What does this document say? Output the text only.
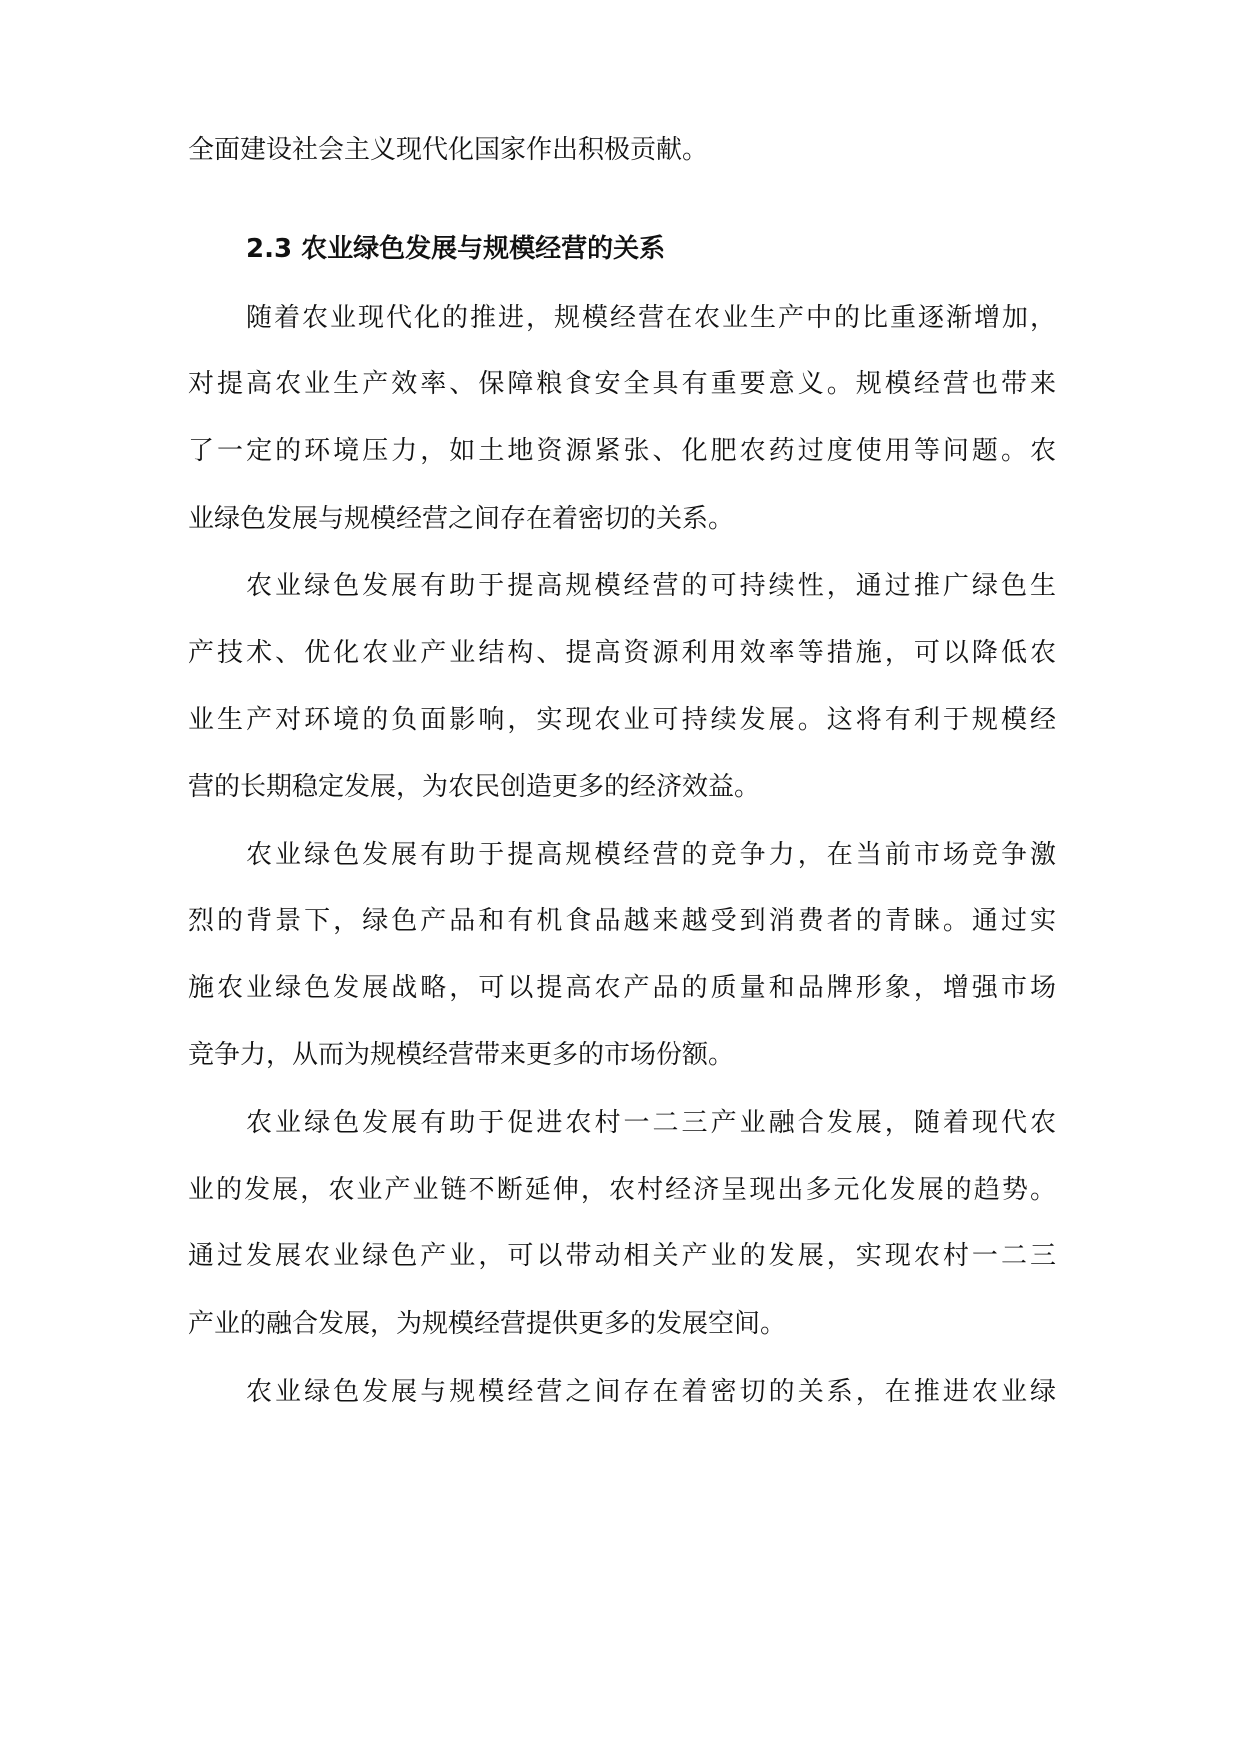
全面建设社会主义现代化国家作出积极贡献。
2.3 农业绿色发展与规模经营的关系
随着农业现代化的推进，规模经营在农业生产中的比重逐渐增加，
对提高农业生产效率、保障粮食安全具有重要意义。规模经营也带来
了一定的环境压力，如土地资源紧张、化肥农药过度使用等问题。农
业绿色发展与规模经营之间存在着密切的关系。
农业绿色发展有助于提高规模经营的可持续性，通过推广绿色生
产技术、优化农业产业结构、提高资源利用效率等措施，可以降低农
业生产对环境的负面影响，实现农业可持续发展。这将有利于规模经
营的长期稳定发展，为农民创造更多的经济效益。
农业绿色发展有助于提高规模经营的竞争力，在当前市场竞争激
烈的背景下，绿色产品和有机食品越来越受到消费者的青睐。通过实
施农业绿色发展战略，可以提高农产品的质量和品牌形象，增强市场
竞争力，从而为规模经营带来更多的市场份额。
农业绿色发展有助于促进农村一二三产业融合发展，随着现代农
业的发展，农业产业链不断延伸，农村经济呈现出多元化发展的趋势。
通过发展农业绿色产业，可以带动相关产业的发展，实现农村一二三
产业的融合发展，为规模经营提供更多的发展空间。
农业绿色发展与规模经营之间存在着密切的关系，在推进农业绿
